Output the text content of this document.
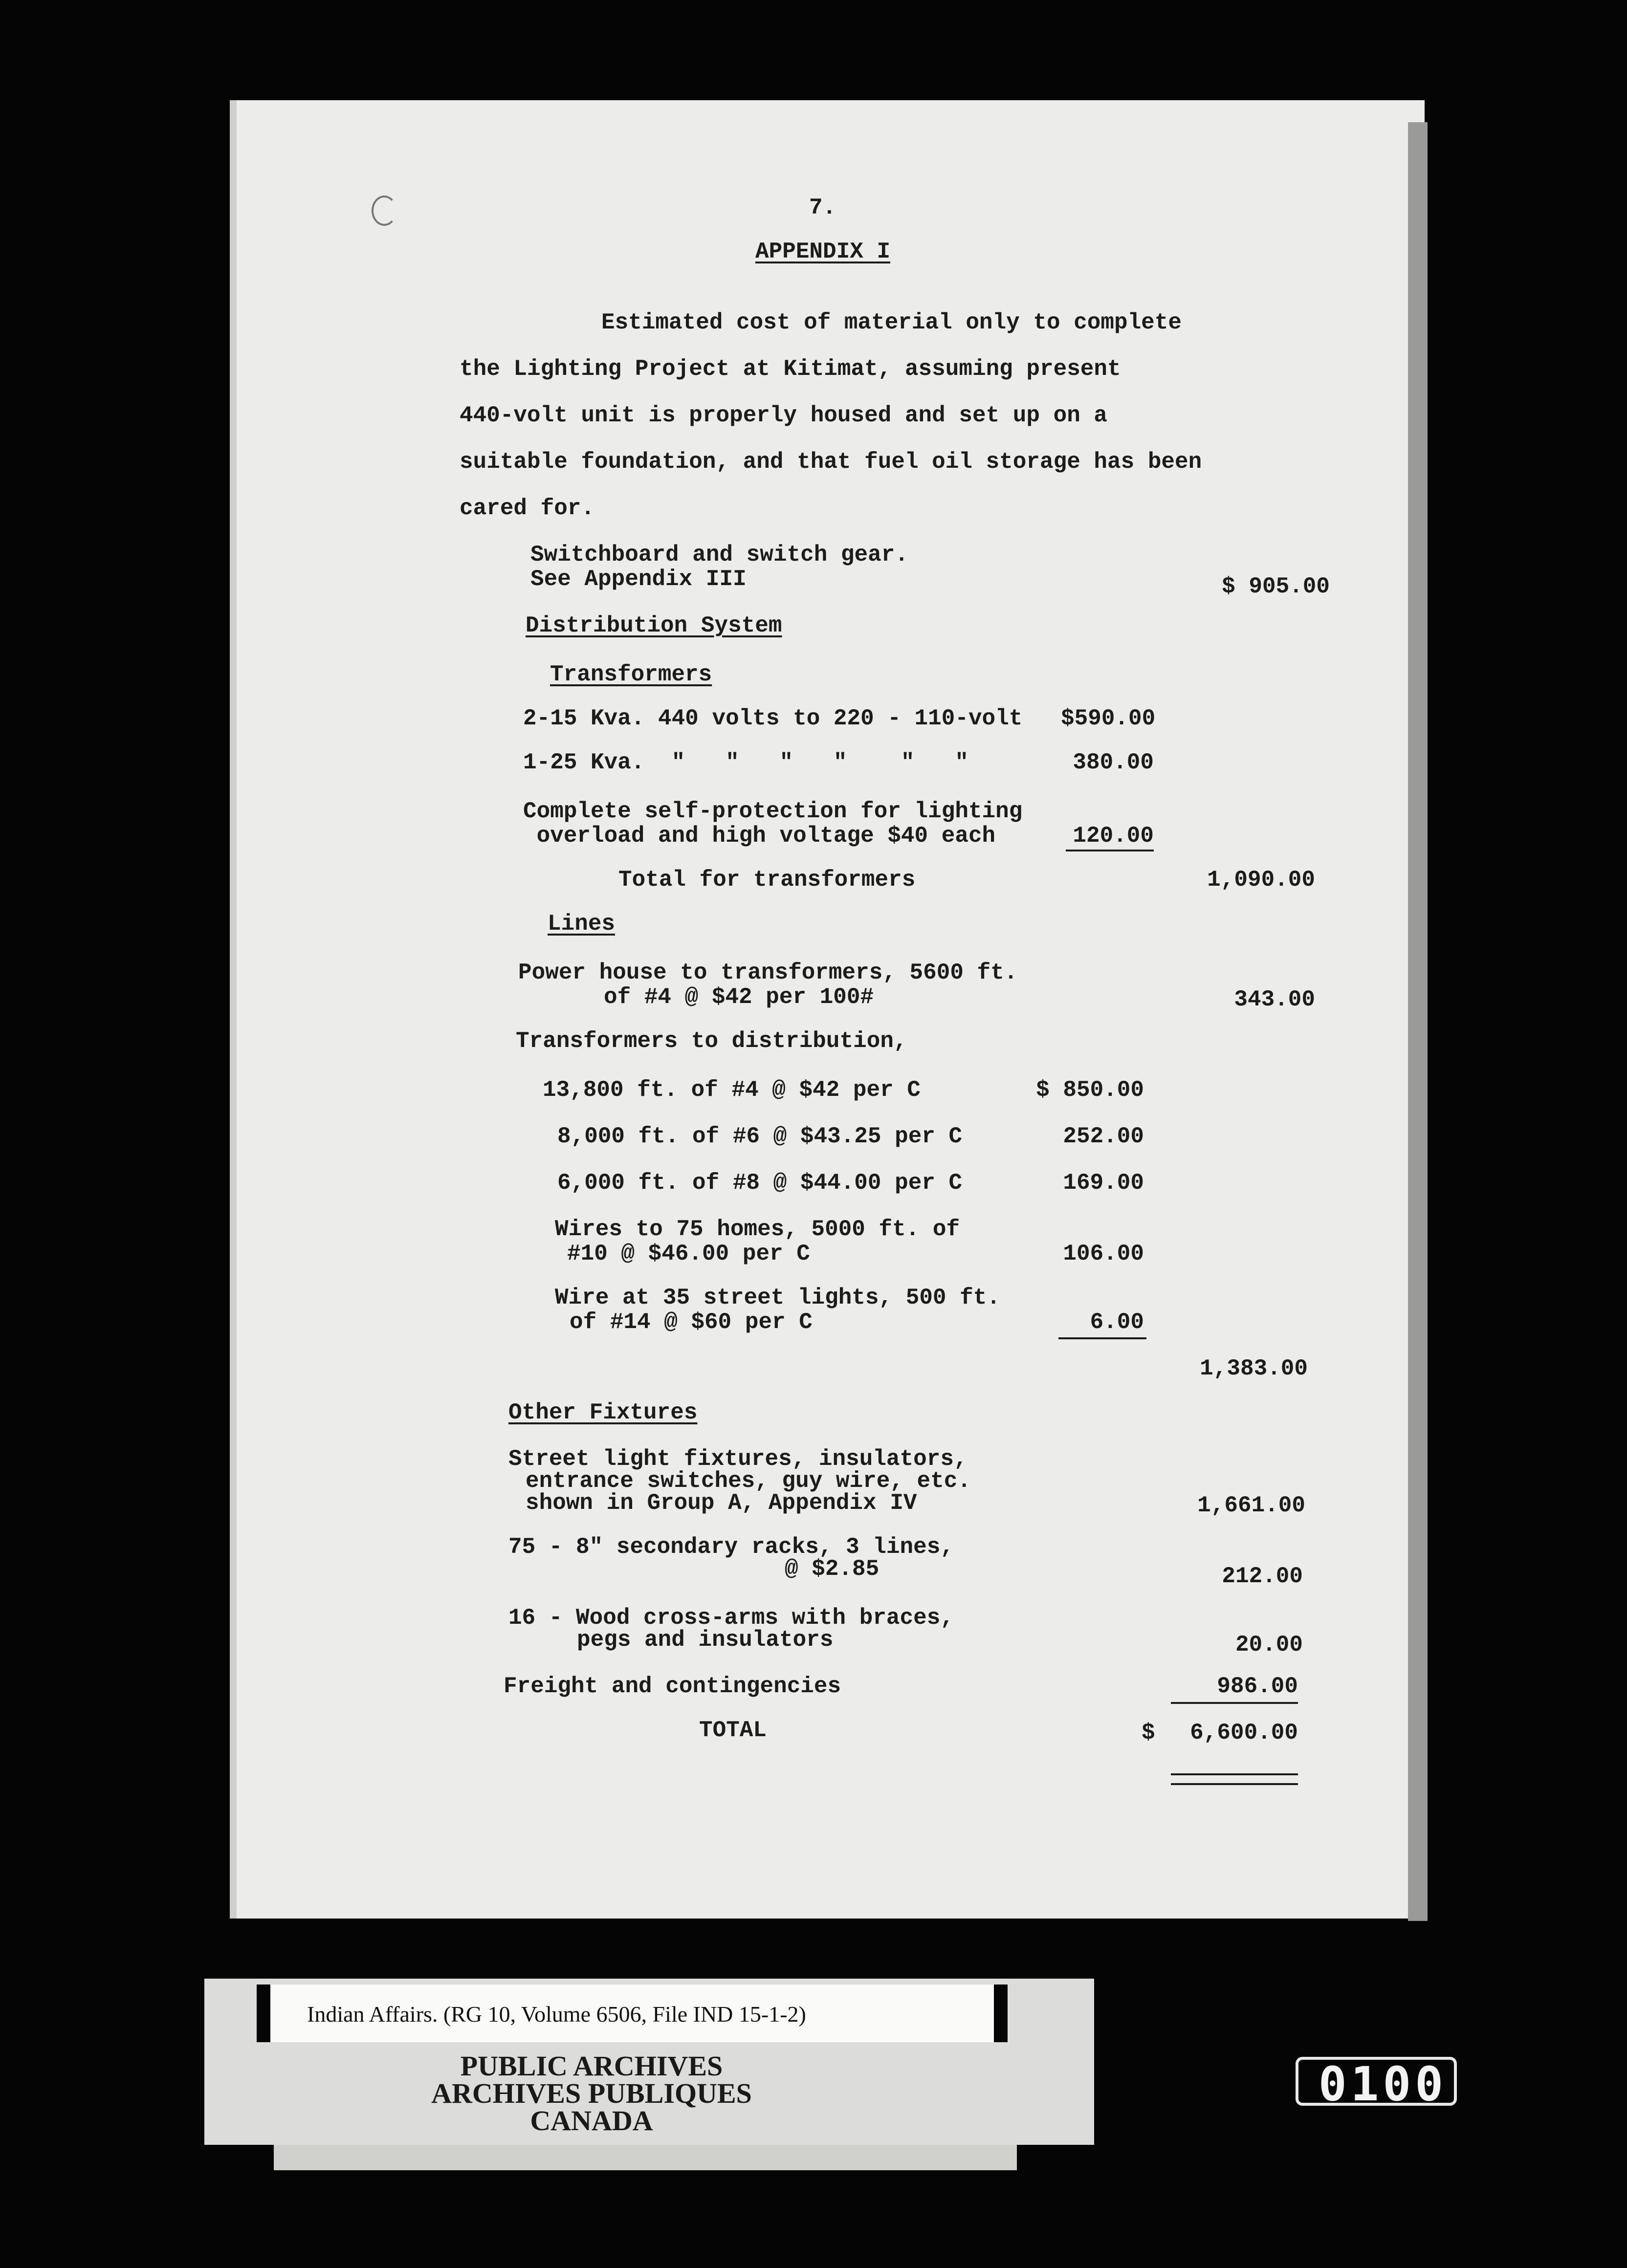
7.
APPENDIX I
Estimated cost of material only to complete
the Lighting Project at Kitimat, assuming present
440-volt unit is properly housed and set up on a
suitable foundation, and that fuel oil storage has been
cared for.
Switchboard and switch gear.
See Appendix III	$ 905.00
Distribution System
Transformers
2-15 Kva. 440 volts to 220 - 110-volt $590.00
1-25 Kva.  "   "   "   "    "   "	380.00
Complete self-protection for lighting
overload and high voltage $40 each	120.00
Total for transformers	1,090.00
Lines
Power house to transformers, 5600 ft.
of #4 @ $42 per 100#	343.00
Transformers to distribution,
13,800 ft. of #4 @ $42 per C	$ 850.00
8,000 ft. of #6 @ $43.25 per C	252.00
6,000 ft. of #8 @ $44.00 per C	169.00
Wires to 75 homes, 5000 ft. of
#10 @ $46.00 per C	106.00
Wire at 35 street lights, 500 ft.
of #14 @ $60 per C	6.00
1,383.00
Other Fixtures
Street light fixtures, insulators,
entrance switches, guy wire, etc.
shown in Group A, Appendix IV	1,661.00
75 - 8" secondary racks, 3 lines,
@ $2.85	212.00
16 - Wood cross-arms with braces,
pegs and insulators	20.00
Freight and contingencies	986.00
TOTAL	$	6,600.00
Indian Affairs. (RG 10, Volume 6506, File IND 15-1-2)
PUBLIC ARCHIVES
ARCHIVES PUBLIQUES
CANADA
0100
